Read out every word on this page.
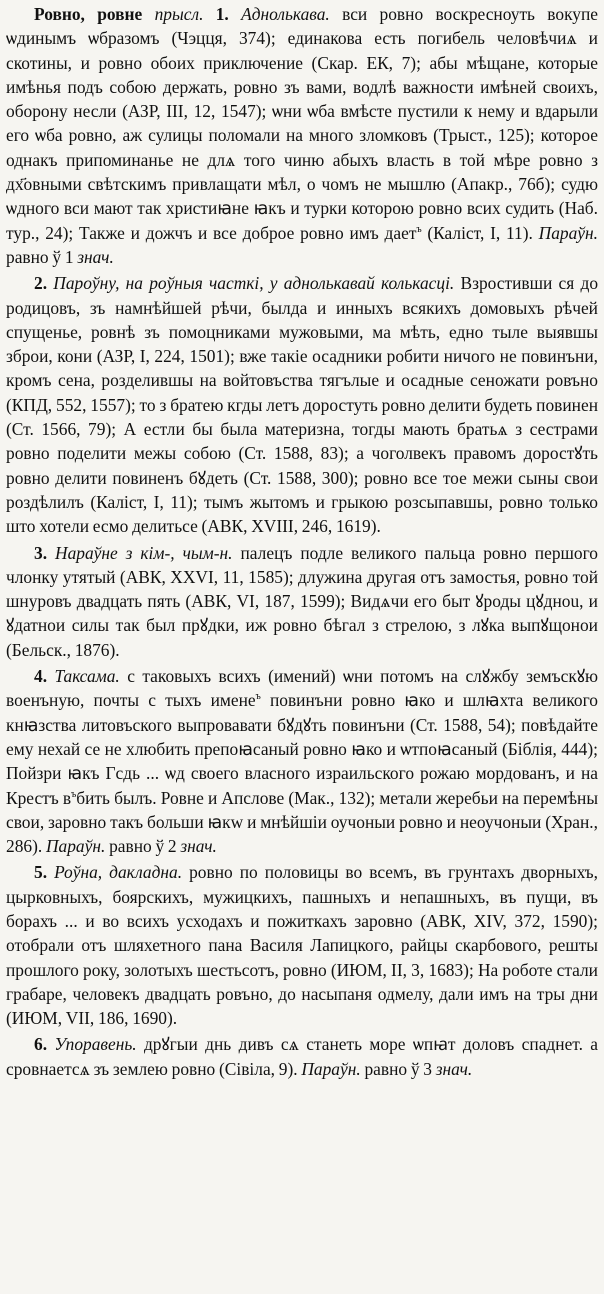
Ровно, ровне прысл. 1. Аднолькава. вси ровно воскресноуть вокупе ѡдинымъ ѡбразомъ (Чэцця, 374); единакова есть погибель человѣчиѧ и скотины, и ровно обоих приключение (Скар. ЕК, 7); абы мѣщане, которые имѣнья подъ собою держать, ровно зъ вами, водлѣ важности имѣней своихъ, оборону несли (АЗР, III, 12, 1547); ѡни ѡба вмѣсте пустили к нему и вдарыли его ѡба ровно, аж сулицы поломали на много зломковъ (Трыст., 125); которое однакъ припоминанье не длѧ того чиню абыхъ власть в той мѣре ровно з дх҃овными свѣтскимъ привлащати мѣл, о чомъ не мышлю (Апакр., 76б); судю ѡдного вси мают так христиꙗне ꙗкъ и турки которою ровно всих судить (Наб. тур., 24); Также и дожчъ и все доброе ровно имъ дает$^ъ$ (Каліст, I, 11). Параўн. равно ў 1 знач.

2. Пароўну, на роўныя часткі, у аднолькавай колькасці. Взростивши ся до родицовъ, зъ намнѣйшей рѣчи, былда и инныхъ всякихъ домовыхъ рѣчей спущенье, ровнѣ зъ помоцниками мужовыми, ма мѣть, едно тыле выявшы зброи, кони (АЗР, I, 224, 1501); вже такіе осадники робити ничого не повинъни, кромъ сена, розделившы на войтовъства тягълые и осадные сеножати ровъно (КПД, 552, 1557); то з братею кгды летъ доростуть ровно делити будеть повинен (Ст. 1566, 79); А естли бы была материзна, тогды мають братьѧ з сестрами ровно поделити межы собою (Ст. 1588, 83); а чоголвекъ правомъ доростꙋть ровно делити повиненъ бꙋдеть (Ст. 1588, 300); ровно все тое межи сыны свои роздѣлилъ (Каліст, I, 11); тымъ жытомъ и грыкою розсыпавшы, ровно только што хотели есмо делитьсе (АВК, XVIII, 246, 1619).

3. Нараўне з кім-, чым-н. палецъ подле великого пальца ровно першого члонку утятый (АВК, XXVI, 11, 1585); длужина другая отъ замостья, ровно той шнуровъ двадцать пять (АВК, VI, 187, 1599); Видѧчи его быт ꙋроды цꙋдноu, и ꙋдатнои силы так был прꙋдки, иж ровно бѣгал з стрелою, з лꙋка выпꙋщонои (Бельск., 1876).

4. Таксама. с таковыхъ всихъ (имений) ѡни потомъ на слꙋжбу земъскꙋю военъную, почты с тыхъ имене$^ъ$ повинъни ровно ꙗко и шлꙗхта великого кнꙗзства литовъского выпровавати бꙋдꙋть повинъни (Ст. 1588, 54); повѣдайте ему нехай се не хлюбить препоꙗсаный ровно ꙗко и ѡтпоꙗсаный (Біблія, 444); Пойзри ꙗкъ Гсдь ... ѡд своего власного израильского рожаю мордованъ, и на Крестъ $в^ъбить$ былъ. Ровне и Апслове (Мак., 132); метали жеребьи на перемѣны свои, заровно такъ больши ꙗкw и мнѣйшіи оучоныи ровно и неоучоныи (Хран., 286). Параўн. равно ў 2 знач.

5. Роўна, дакладна. ровно по половицы во всемъ, въ грунтахъ дворныхъ, цырковныхъ, боярскихъ, мужицкихъ, пашныхъ и непашныхъ, въ пущи, въ борахъ ... и во всихъ усходахъ и пожиткахъ заровно (АВК, XIV, 372, 1590); отобрали отъ шляхетного пана Василя Лапицкого, райцы скарбового, решты прошлого року, золотыхъ шестьсотъ, ровно (ИЮМ, II, 3, 1683); На роботе стали грабаре, человекъ двадцать ровъно, до насыпаня одмелу, дали имъ на тры дни (ИЮМ, VII, 186, 1690).

6. Упоравень. дрꙋгыи днь дивъ сѧ станеть море ѡпꙗт доловъ спаднет. а сровнаетсѧ зъ землею ровно (Сівіла, 9). Параўн. равно ў 3 знач.
